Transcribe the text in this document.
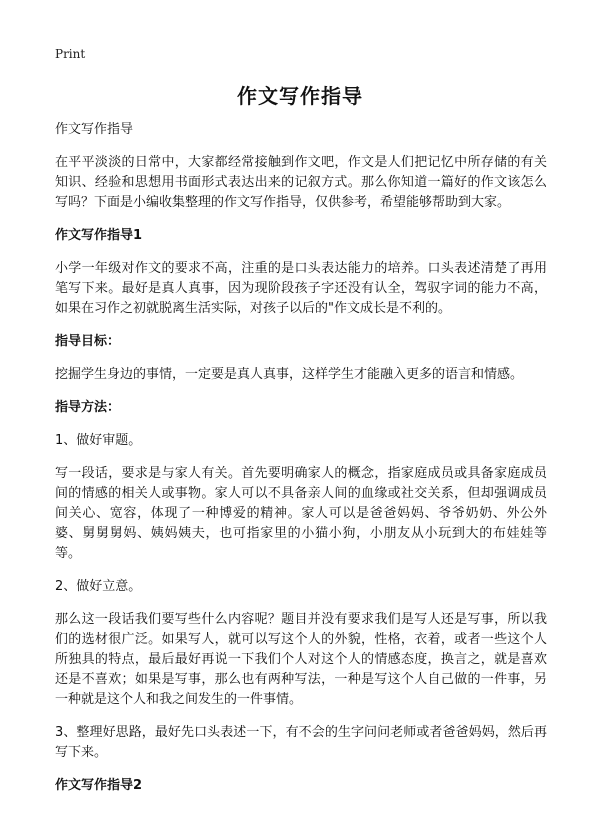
Print
作文写作指导

作文写作指导

在平平淡淡的日常中，大家都经常接触到作文吧，作文是人们把记忆中所存储的有关知识、经验和思想用书面形式表达出来的记叙方式。那么你知道一篇好的作文该怎么写吗？下面是小编收集整理的作文写作指导，仅供参考，希望能够帮助到大家。

作文写作指导1

小学一年级对作文的要求不高，注重的是口头表达能力的培养。口头表述清楚了再用笔写下来。最好是真人真事，因为现阶段孩子字还没有认全，驾驭字词的能力不高，如果在习作之初就脱离生活实际，对孩子以后的"作文成长是不利的。

指导目标：

挖掘学生身边的事情，一定要是真人真事，这样学生才能融入更多的语言和情感。

指导方法：

1、做好审题。

写一段话，要求是与家人有关。首先要明确家人的概念，指家庭成员或具备家庭成员间的情感的相关人或事物。家人可以不具备亲人间的血缘或社交关系，但却强调成员间关心、宽容，体现了一种博爱的精神。家人可以是爸爸妈妈、爷爷奶奶、外公外婆、舅舅舅妈、姨妈姨夫，也可指家里的小猫小狗，小朋友从小玩到大的布娃娃等等。

2、做好立意。

那么这一段话我们要写些什么内容呢？题目并没有要求我们是写人还是写事，所以我们的选材很广泛。如果写人，就可以写这个人的外貌，性格，衣着，或者一些这个人所独具的特点，最后最好再说一下我们个人对这个人的情感态度，换言之，就是喜欢还是不喜欢；如果是写事，那么也有两种写法，一种是写这个人自己做的一件事，另一种就是这个人和我之间发生的一件事情。

3、整理好思路，最好先口头表述一下，有不会的生字问问老师或者爸爸妈妈，然后再写下来。

作文写作指导2
